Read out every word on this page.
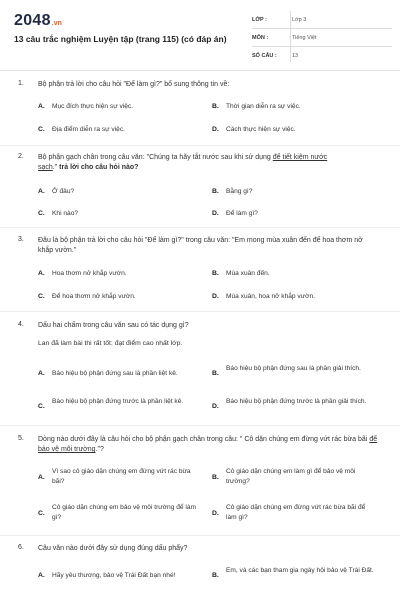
2048 .vn
13 câu trắc nghiệm Luyện tập (trang 115) (có đáp án)
LỚP :	Lớp 3
MÔN :	Tiếng Việt
SỐ CÂU :	13
1. Bộ phận trả lời cho câu hỏi "Để làm gì?" bổ sung thông tin về:
A. Mục đích thực hiện sự việc.	B. Thời gian diễn ra sự việc.
C. Địa điểm diễn ra sự việc.	D. Cách thực hiện sự việc.
2. Bộ phận gạch chân trong câu văn: "Chúng ta hãy tắt nước sau khi sử dụng để tiết kiệm nước
sạch." trả lời cho câu hỏi nào?
A. Ở đâu?	B. Bằng gì?
C. Khi nào?	D. Để làm gì?
3. Đâu là bộ phận trả lời cho câu hỏi "Để làm gì?" trong câu văn: "Em mong mùa xuân đến để hoa thơm nở khắp vườn."
A. Hoa thơm nở khắp vườn.	B. Mùa xuân đến.
C. Để hoa thơm nở khắp vườn.	D. Mùa xuân, hoa nở khắp vườn.
4. Dấu hai chấm trong câu văn sau có tác dụng gì?
Lan đã làm bài thi rất tốt: đạt điểm cao nhất lớp.
A. Báo hiệu bộ phận đứng sau là phần liệt kê.	B.
Báo hiệu bộ phận đứng sau là phần giải thích.
C.
Báo hiệu bộ phận đứng trước là phần liệt kê.
D.
Báo hiệu bộ phận đứng trước là phần giải thích.
5. Dòng nào dưới đây là câu hỏi cho bộ phận gạch chân trong câu: " Cô dặn chúng em đừng vứt rác bừa bãi để bảo vệ môi trường."?
A.
Vì sao cô giáo dặn chúng em đừng vứt rác bừa bãi?	B.
Cô giáo dặn chúng em làm gì để bảo vệ môi trường?
C.
Cô giáo dặn chúng em bảo vệ môi trường để làm gì?	D.
Cô giáo dặn chúng em đừng vứt rác bừa bãi để làm gì?
6. Câu văn nào dưới đây sử dụng đúng dấu phẩy?
A. Hãy yêu thương, bảo vệ Trái Đất bạn nhé!	B.
Em, và các bạn tham gia ngày hội bảo vệ Trái Đất.
